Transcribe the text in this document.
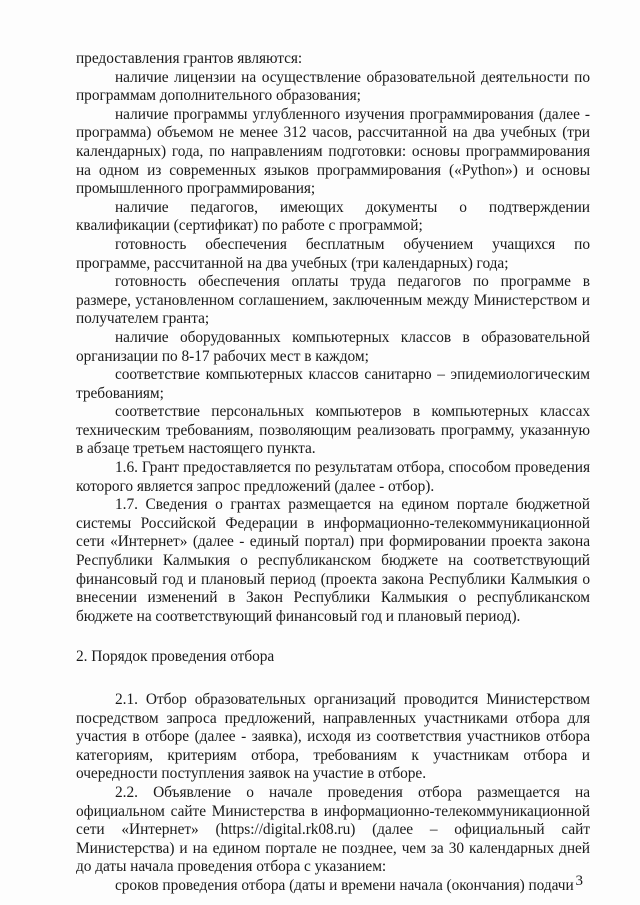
предоставления грантов являются:

наличие лицензии на осуществление образовательной деятельности по программам дополнительного образования;

наличие программы углубленного изучения программирования (далее - программа) объемом не менее 312 часов, рассчитанной на два учебных (три календарных) года, по направлениям подготовки: основы программирования на одном из современных языков программирования («Python») и основы промышленного программирования;

наличие педагогов, имеющих документы о подтверждении квалификации (сертификат) по работе с программой;

готовность обеспечения бесплатным обучением учащихся по программе, рассчитанной на два учебных (три календарных) года;

готовность обеспечения оплаты труда педагогов по программе в размере, установленном соглашением, заключенным между Министерством и получателем гранта;

наличие оборудованных компьютерных классов в образовательной организации по 8-17 рабочих мест в каждом;

соответствие компьютерных классов санитарно – эпидемиологическим требованиям;

соответствие персональных компьютеров в компьютерных классах техническим требованиям, позволяющим реализовать программу, указанную в абзаце третьем настоящего пункта.

1.6. Грант предоставляется по результатам отбора, способом проведения которого является запрос предложений (далее - отбор).

1.7. Сведения о грантах размещается на едином портале бюджетной системы Российской Федерации в информационно-телекоммуникационной сети «Интернет» (далее - единый портал) при формировании проекта закона Республики Калмыкия о республиканском бюджете на соответствующий финансовый год и плановый период (проекта закона Республики Калмыкия о внесении изменений в Закон Республики Калмыкия о республиканском бюджете на соответствующий финансовый год и плановый период).

2. Порядок проведения отбора

2.1. Отбор образовательных организаций проводится Министерством посредством запроса предложений, направленных участниками отбора для участия в отборе (далее - заявка), исходя из соответствия участников отбора категориям, критериям отбора, требованиям к участникам отбора и очередности поступления заявок на участие в отборе.

2.2. Объявление о начале проведения отбора размещается на официальном сайте Министерства в информационно-телекоммуникационной сети «Интернет» (https://digital.rk08.ru) (далее – официальный сайт Министерства) и на едином портале не позднее, чем за 30 календарных дней до даты начала проведения отбора с указанием:

сроков проведения отбора (даты и времени начала (окончания) подачи 3
